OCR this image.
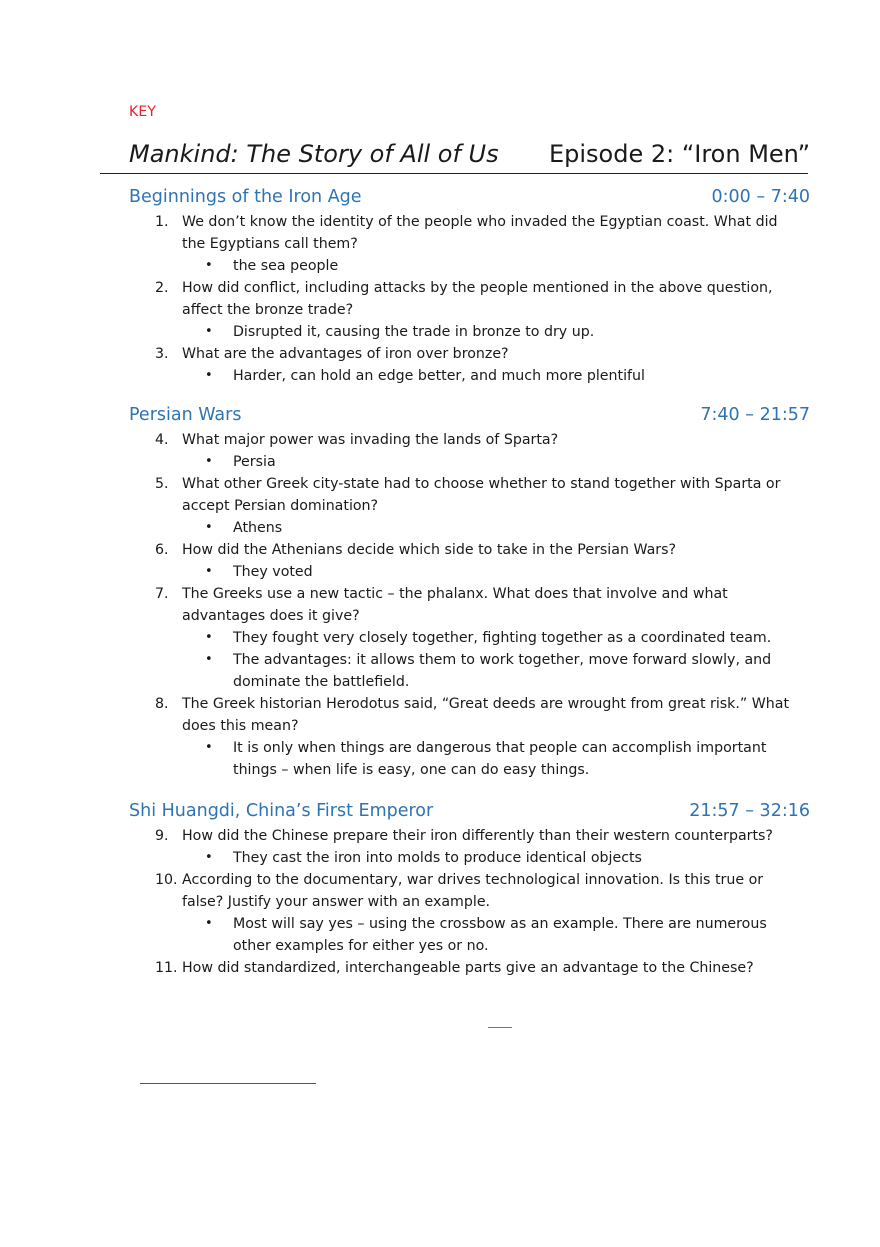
KEY
Mankind: The Story of All of Us Episode 2: “Iron Men”
Beginnings of the Iron Age	0:00 – 7:40
1. We don’t know the identity of the people who invaded the Egyptian coast. What did the Egyptians call them?
• the sea people
2. How did conflict, including attacks by the people mentioned in the above question, affect the bronze trade?
• Disrupted it, causing the trade in bronze to dry up.
3. What are the advantages of iron over bronze?
• Harder, can hold an edge better, and much more plentiful
Persian Wars	7:40 – 21:57
4. What major power was invading the lands of Sparta?
• Persia
5. What other Greek city-state had to choose whether to stand together with Sparta or accept Persian domination?
• Athens
6. How did the Athenians decide which side to take in the Persian Wars?
• They voted
7. The Greeks use a new tactic – the phalanx. What does that involve and what advantages does it give?
• They fought very closely together, fighting together as a coordinated team.
• The advantages: it allows them to work together, move forward slowly, and dominate the battlefield.
8. The Greek historian Herodotus said, “Great deeds are wrought from great risk.” What does this mean?
• It is only when things are dangerous that people can accomplish important things – when life is easy, one can do easy things.
Shi Huangdi, China’s First Emperor	21:57 – 32:16
9. How did the Chinese prepare their iron differently than their western counterparts?
• They cast the iron into molds to produce identical objects
10. According to the documentary, war drives technological innovation. Is this true or false? Justify your answer with an example.
• Most will say yes – using the crossbow as an example. There are numerous other examples for either yes or no.
11. How did standardized, interchangeable parts give an advantage to the Chinese?
